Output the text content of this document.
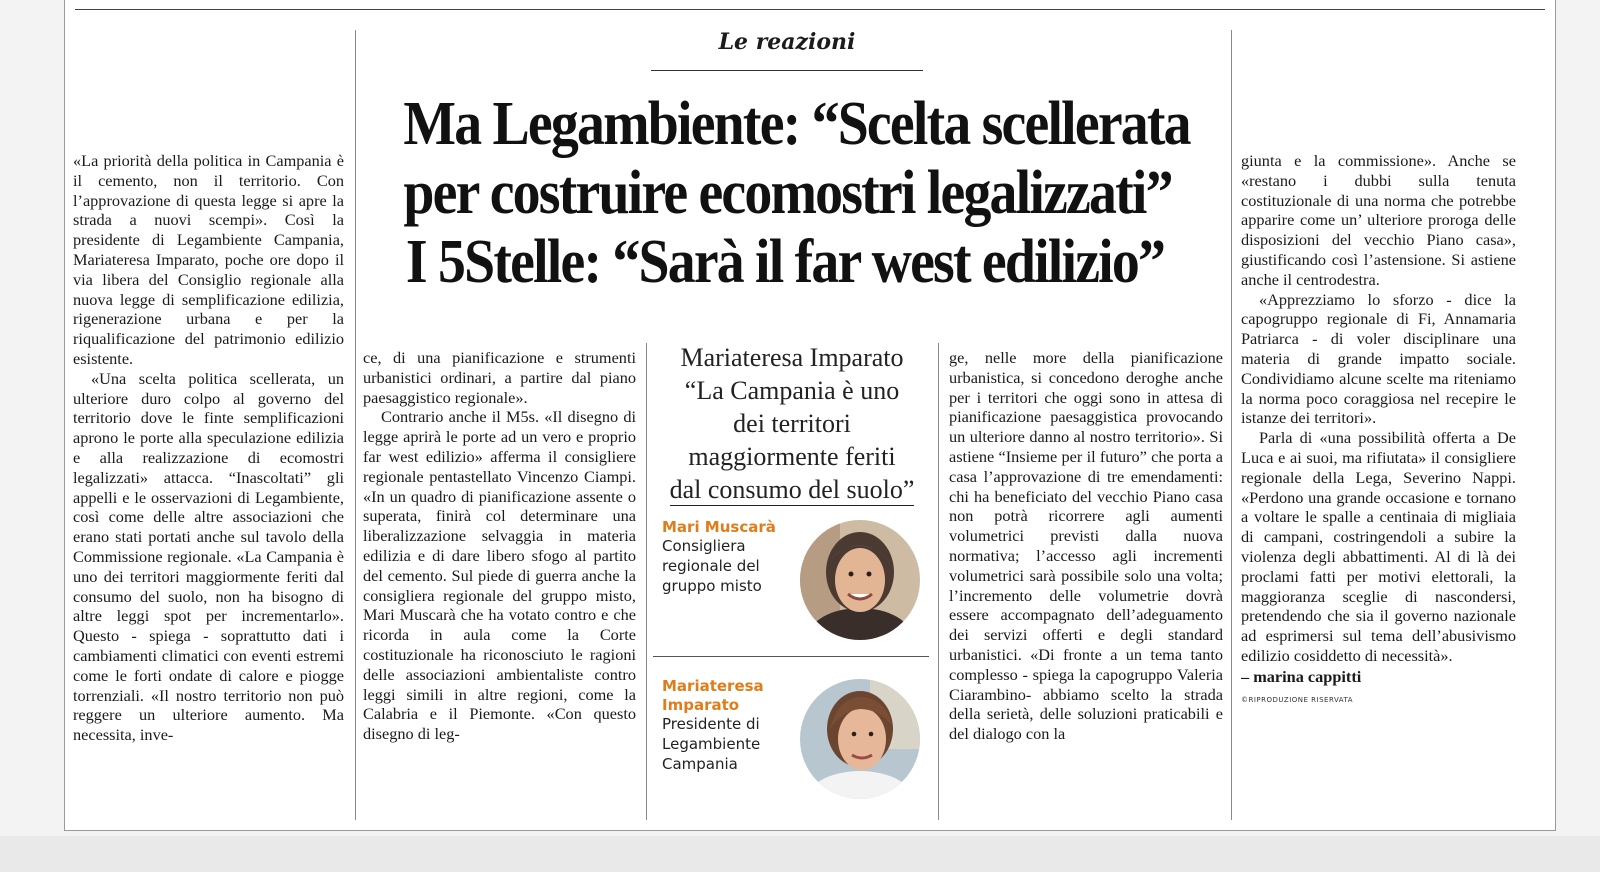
Le reazioni
Ma Legambiente: “Scelta scellerata
per costruire ecomostri legalizzati”
I 5Stelle: “Sarà il far west edilizio”

«La priorità della politica in Campania è il cemento, non il territorio. Con l’approvazione di questa legge si apre la strada a nuovi scempi». Così la presidente di Legambiente Campania, Mariateresa Imparato, poche ore dopo il via libera del Consiglio regionale alla nuova legge di semplificazione edilizia, rigenerazione urbana e per la riqualificazione del patrimonio edilizio esistente.

«Una scelta politica scellerata, un ulteriore duro colpo al governo del territorio dove le finte semplificazioni aprono le porte alla speculazione edilizia e alla realizzazione di ecomostri legalizzati» attacca. “Inascoltati” gli appelli e le osservazioni di Legambiente, così come delle altre associazioni che erano stati portati anche sul tavolo della Commissione regionale. «La Campania è uno dei territori maggiormente feriti dal consumo del suolo, non ha bisogno di altre leggi spot per incrementarlo». Questo - spiega - soprattutto dati i cambiamenti climatici con eventi estremi come le forti ondate di calore e piogge torrenziali. «Il nostro territorio non può reggere un ulteriore aumento. Ma necessita, inve-

ce, di una pianificazione e strumenti urbanistici ordinari, a partire dal piano paesaggistico regionale».

Contrario anche il M5s. «Il disegno di legge aprirà le porte ad un vero e proprio far west edilizio» afferma il consigliere regionale pentastellato Vincenzo Ciampi. «In un quadro di pianificazione assente o superata, finirà col determinare una liberalizzazione selvaggia in materia edilizia e di dare libero sfogo al partito del cemento. Sul piede di guerra anche la consigliera regionale del gruppo misto, Mari Muscarà che ha votato contro e che ricorda in aula come la Corte costituzionale ha riconosciuto le ragioni delle associazioni ambientaliste contro leggi simili in altre regioni, come la Calabria e il Piemonte. «Con questo disegno di leg-

Mariateresa Imparato
“La Campania è uno
dei territori
maggiormente feriti
dal consumo del suolo”
Mari Muscarà
Consigliera regionale del gruppo misto
Mariateresa Imparato
Presidente di Legambiente Campania

ge, nelle more della pianificazione urbanistica, si concedono deroghe anche per i territori che oggi sono in attesa di pianificazione paesaggistica provocando un ulteriore danno al nostro territorio». Si astiene “Insieme per il futuro” che porta a casa l’approvazione di tre emendamenti: chi ha beneficiato del vecchio Piano casa non potrà ricorrere agli aumenti volumetrici previsti dalla nuova normativa; l’accesso agli incrementi volumetrici sarà possibile solo una volta; l’incremento delle volumetrie dovrà essere accompagnato dell’adeguamento dei servizi offerti e degli standard urbanistici. «Di fronte a un tema tanto complesso - spiega la capogruppo Valeria Ciarambino- abbiamo scelto la strada della serietà, delle soluzioni praticabili e del dialogo con la

giunta e la commissione». Anche se «restano i dubbi sulla tenuta costituzionale di una norma che potrebbe apparire come un’ ulteriore proroga delle disposizioni del vecchio Piano casa», giustificando così l’astensione. Si astiene anche il centrodestra.

«Apprezziamo lo sforzo - dice la capogruppo regionale di Fi, Annamaria Patriarca - di voler disciplinare una materia di grande impatto sociale. Condividiamo alcune scelte ma riteniamo la norma poco coraggiosa nel recepire le istanze dei territori».

Parla di «una possibilità offerta a De Luca e ai suoi, ma rifiutata» il consigliere regionale della Lega, Severino Nappi. «Perdono una grande occasione e tornano a voltare le spalle a centinaia di migliaia di campani, costringendoli a subire la violenza degli abbattimenti. Al di là dei proclami fatti per motivi elettorali, la maggioranza sceglie di nascondersi, pretendendo che sia il governo nazionale ad esprimersi sul tema dell’abusivismo edilizio cosiddetto di necessità».

– marina cappitti
©RIPRODUZIONE RISERVATA
